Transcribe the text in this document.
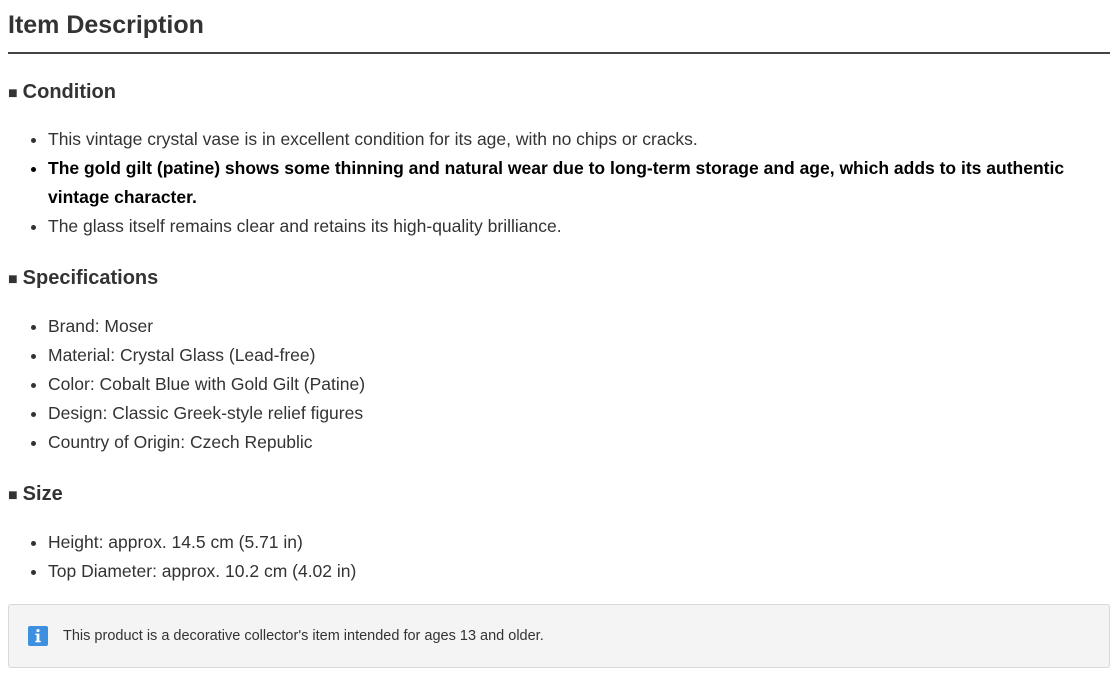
Item Description
■ Condition
• This vintage crystal vase is in excellent condition for its age, with no chips or cracks.
• The gold gilt (patine) shows some thinning and natural wear due to long-term storage and age, which adds to its authentic vintage character.
• The glass itself remains clear and retains its high-quality brilliance.
■ Specifications
• Brand: Moser
• Material: Crystal Glass (Lead-free)
• Color: Cobalt Blue with Gold Gilt (Patine)
• Design: Classic Greek-style relief figures
• Country of Origin: Czech Republic
■ Size
• Height: approx. 14.5 cm (5.71 in)
• Top Diameter: approx. 10.2 cm (4.02 in)
This product is a decorative collector's item intended for ages 13 and older.
